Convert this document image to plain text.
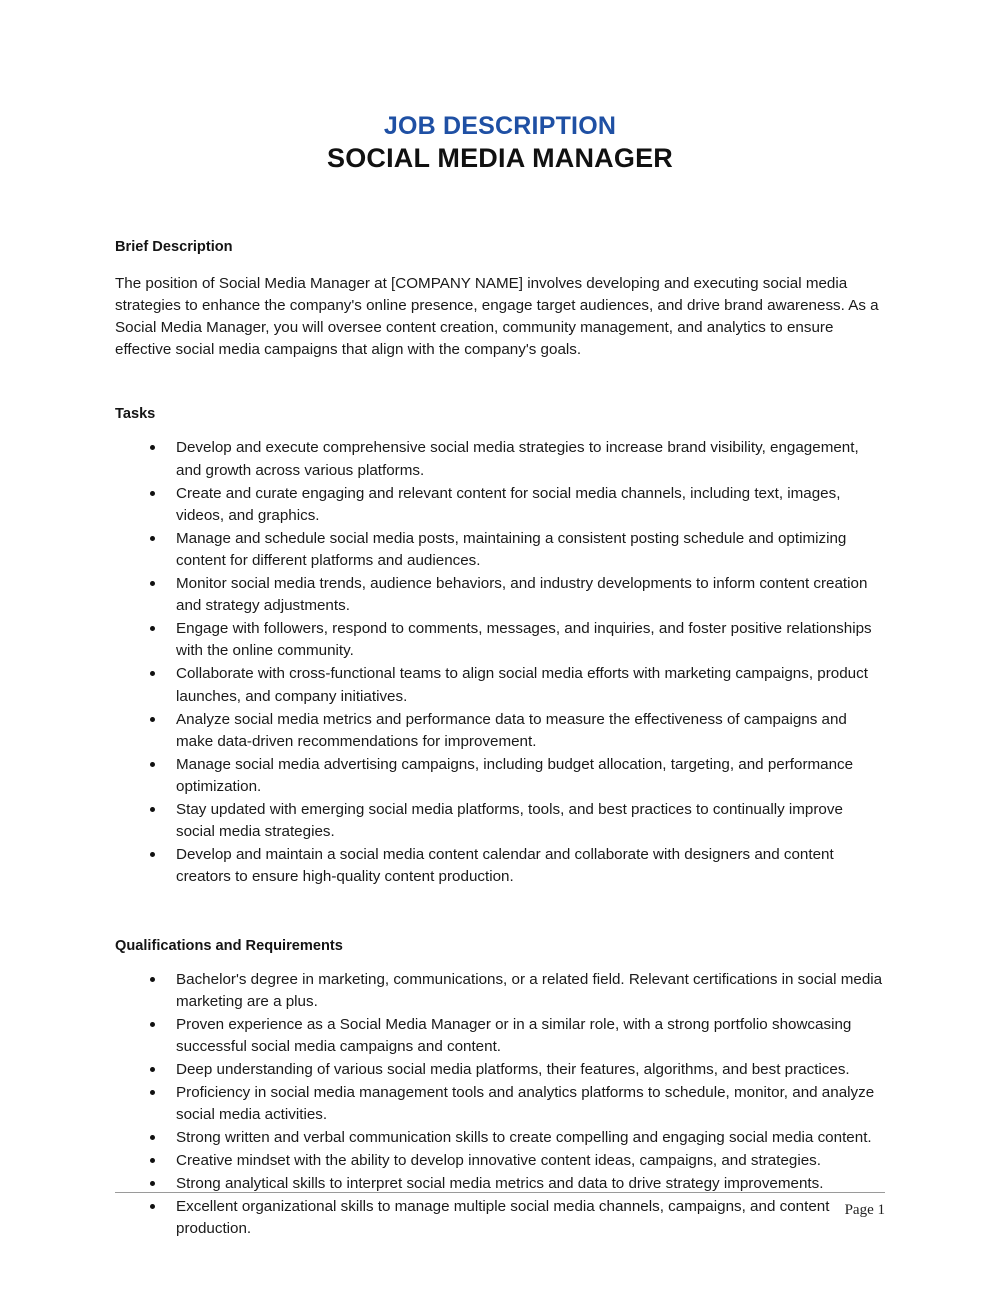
JOB DESCRIPTION
SOCIAL MEDIA MANAGER
Brief Description

The position of Social Media Manager at [COMPANY NAME] involves developing and executing social media strategies to enhance the company's online presence, engage target audiences, and drive brand awareness. As a Social Media Manager, you will oversee content creation, community management, and analytics to ensure effective social media campaigns that align with the company's goals.

Tasks
Develop and execute comprehensive social media strategies to increase brand visibility, engagement, and growth across various platforms.
Create and curate engaging and relevant content for social media channels, including text, images, videos, and graphics.
Manage and schedule social media posts, maintaining a consistent posting schedule and optimizing content for different platforms and audiences.
Monitor social media trends, audience behaviors, and industry developments to inform content creation and strategy adjustments.
Engage with followers, respond to comments, messages, and inquiries, and foster positive relationships with the online community.
Collaborate with cross-functional teams to align social media efforts with marketing campaigns, product launches, and company initiatives.
Analyze social media metrics and performance data to measure the effectiveness of campaigns and make data-driven recommendations for improvement.
Manage social media advertising campaigns, including budget allocation, targeting, and performance optimization.
Stay updated with emerging social media platforms, tools, and best practices to continually improve social media strategies.
Develop and maintain a social media content calendar and collaborate with designers and content creators to ensure high-quality content production.
Qualifications and Requirements
Bachelor's degree in marketing, communications, or a related field. Relevant certifications in social media marketing are a plus.
Proven experience as a Social Media Manager or in a similar role, with a strong portfolio showcasing successful social media campaigns and content.
Deep understanding of various social media platforms, their features, algorithms, and best practices.
Proficiency in social media management tools and analytics platforms to schedule, monitor, and analyze social media activities.
Strong written and verbal communication skills to create compelling and engaging social media content.
Creative mindset with the ability to develop innovative content ideas, campaigns, and strategies.
Strong analytical skills to interpret social media metrics and data to drive strategy improvements.
Excellent organizational skills to manage multiple social media channels, campaigns, and content production.
Page 1
